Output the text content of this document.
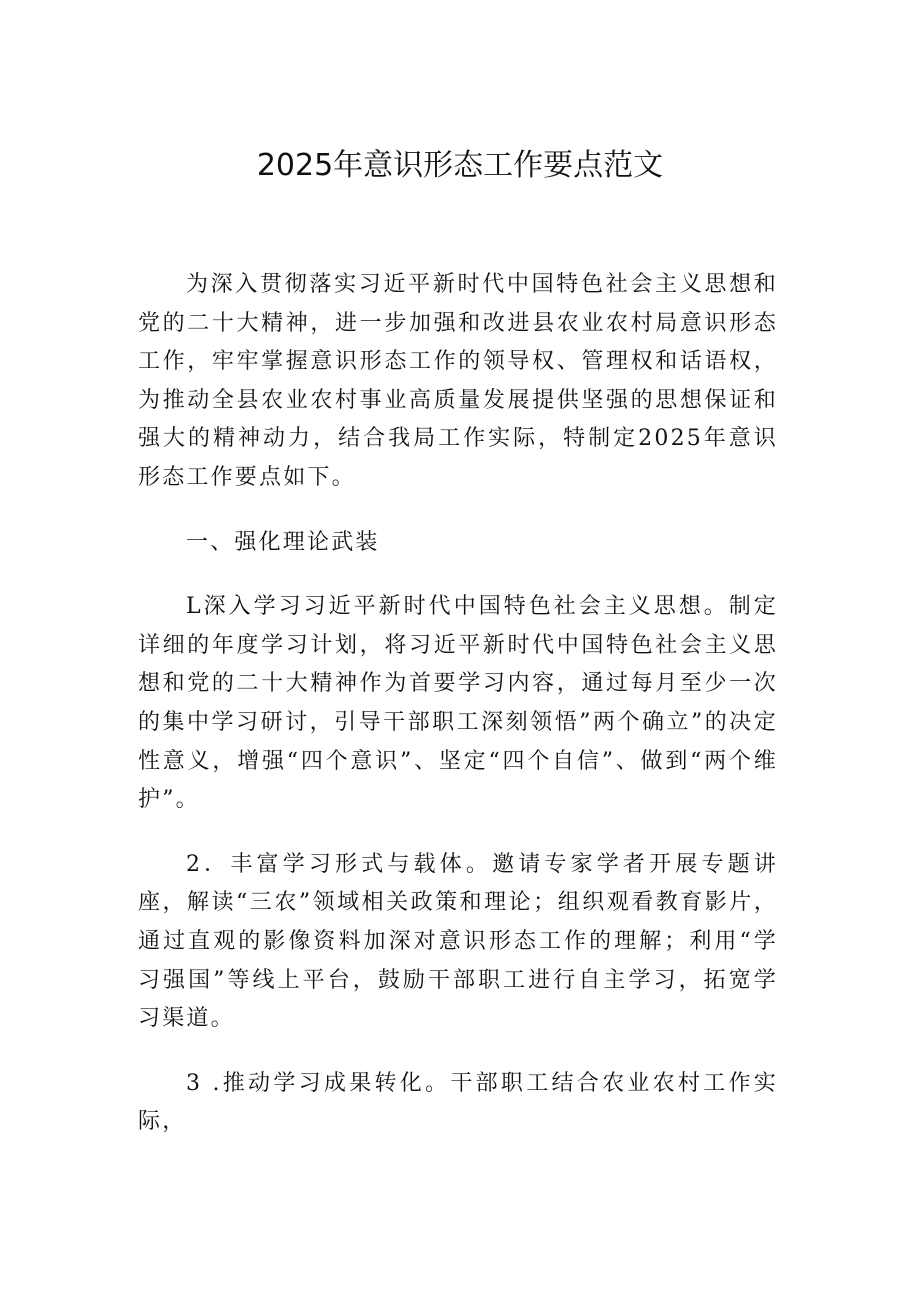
2025年意识形态工作要点范文

为深入贯彻落实习近平新时代中国特色社会主义思想和党的二十大精神，进一步加强和改进县农业农村局意识形态工作，牢牢掌握意识形态工作的领导权、管理权和话语权，为推动全县农业农村事业高质量发展提供坚强的思想保证和强大的精神动力，结合我局工作实际，特制定2025年意识形态工作要点如下。

一、强化理论武装

L深入学习习近平新时代中国特色社会主义思想。制定详细的年度学习计划，将习近平新时代中国特色社会主义思想和党的二十大精神作为首要学习内容，通过每月至少一次的集中学习研讨，引导干部职工深刻领悟”两个确立”的决定性意义，增强“四个意识”、坚定“四个自信”、做到“两个维护”。

2．丰富学习形式与载体。邀请专家学者开展专题讲座，解读“三农”领域相关政策和理论；组织观看教育影片，通过直观的影像资料加深对意识形态工作的理解；利用“学习强国”等线上平台，鼓励干部职工进行自主学习，拓宽学习渠道。

3 .推动学习成果转化。干部职工结合农业农村工作实际，
